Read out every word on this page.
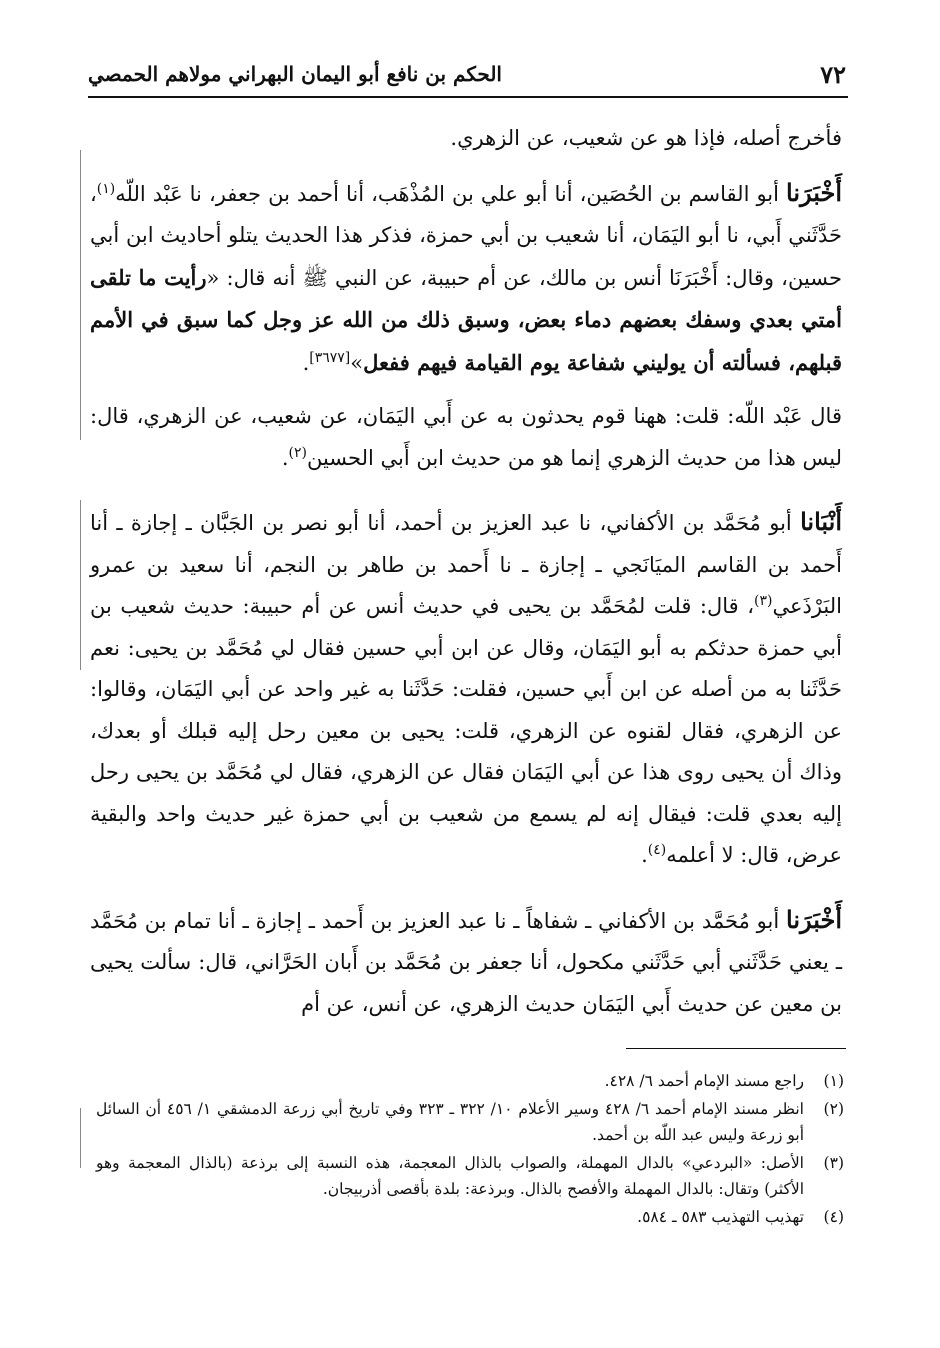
٧٢
الحكم بن نافع أبو اليمان البهراني مولاهم الحمصي

فأخرج أصله، فإذا هو عن شعيب، عن الزهري.

أَخْبَرَنا أبو القاسم بن الحُصَين، أنا أبو علي بن المُذْهَب، أنا أحمد بن جعفر، نا عَبْد اللّه$^{(١)}$، حَدَّثَني أَبي، نا أبو اليَمَان، أنا شعيب بن أبي حمزة، فذكر هذا الحديث يتلو أحاديث ابن أبي حسين، وقال: أَخْبَرَنَا أنس بن مالك، عن أم حبيبة، عن النبي ﷺ أنه قال: «رأيت ما تلقى أمتي بعدي وسفك بعضهم دماء بعض، وسبق ذلك من الله عز وجل كما سبق في الأمم قبلهم، فسألته أن يوليني شفاعة يوم القيامة فيهم ففعل»[٣٦٧٧].

قال عَبْد اللّه: قلت: ههنا قوم يحدثون به عن أَبي اليَمَان، عن شعيب، عن الزهري، قال: ليس هذا من حديث الزهري إنما هو من حديث ابن أَبي الحسين$^{(٢)}$.

أَنْبَانا أبو مُحَمَّد بن الأكفاني، نا عبد العزيز بن أحمد، أنا أبو نصر بن الجَبَّان ـ إجازة ـ أنا أَحمد بن القاسم الميَانَجي ـ إجازة ـ نا أَحمد بن طاهر بن النجم، أنا سعيد بن عمرو البَرْذَعي$^{(٣)}$، قال: قلت لمُحَمَّد بن يحيى في حديث أنس عن أم حبيبة: حديث شعيب بن أبي حمزة حدثكم به أبو اليَمَان، وقال عن ابن أبي حسين فقال لي مُحَمَّد بن يحيى: نعم حَدَّثَنا به من أصله عن ابن أَبي حسين، فقلت: حَدَّثَنا به غير واحد عن أبي اليَمَان، وقالوا: عن الزهري، فقال لقنوه عن الزهري، قلت: يحيى بن معين رحل إليه قبلك أو بعدك، وذاك أن يحيى روى هذا عن أبي اليَمَان فقال عن الزهري، فقال لي مُحَمَّد بن يحيى رحل إليه بعدي قلت: فيقال إنه لم يسمع من شعيب بن أبي حمزة غير حديث واحد والبقية عرض، قال: لا أعلمه$^{(٤)}$.

أَخْبَرَنا أبو مُحَمَّد بن الأكفاني ـ شفاهاً ـ نا عبد العزيز بن أَحمد ـ إجازة ـ أنا تمام بن مُحَمَّد ـ يعني حَدَّثَني أبي حَدَّثَني مكحول، أنا جعفر بن مُحَمَّد بن أَبان الحَرَّاني، قال: سألت يحيى بن معين عن حديث أَبي اليَمَان حديث الزهري، عن أنس، عن أم

(١)
راجع مسند الإمام أحمد ٦/ ٤٢٨.
(٢)
انظر مسند الإمام أحمد ٦/ ٤٢٨ وسير الأعلام ١٠/ ٣٢٢ ـ ٣٢٣ وفي تاريخ أبي زرعة الدمشقي ١/ ٤٥٦ أن السائل أبو زرعة وليس عبد اللّه بن أحمد.
(٣)
الأصل: «البردعي» بالدال المهملة، والصواب بالذال المعجمة، هذه النسبة إلى برذعة (بالذال المعجمة وهو الأكثر) وتقال: بالدال المهملة والأفصح بالذال. وبرذعة: بلدة بأقصى أذربيجان.
(٤)
تهذيب التهذيب ٥٨٣ ـ ٥٨٤.
